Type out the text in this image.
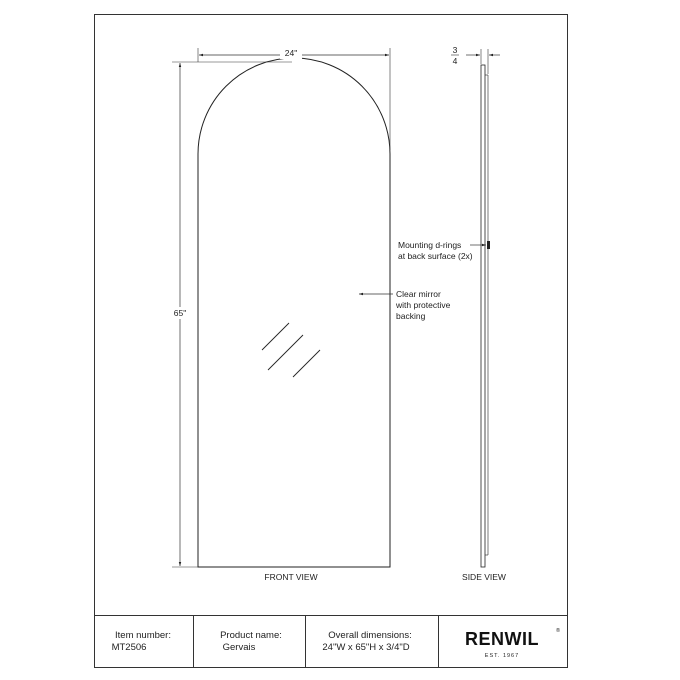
24"
65"
Clear mirror
with protective
backing
FRONT VIEW
3
4
Mounting d-rings
at back surface (2x)
SIDE VIEW
Item number:
MT2506
Product name:
Gervais
Overall dimensions:
24"W x 65"H x 3/4"D	RENWIL	®
EST. 1967
